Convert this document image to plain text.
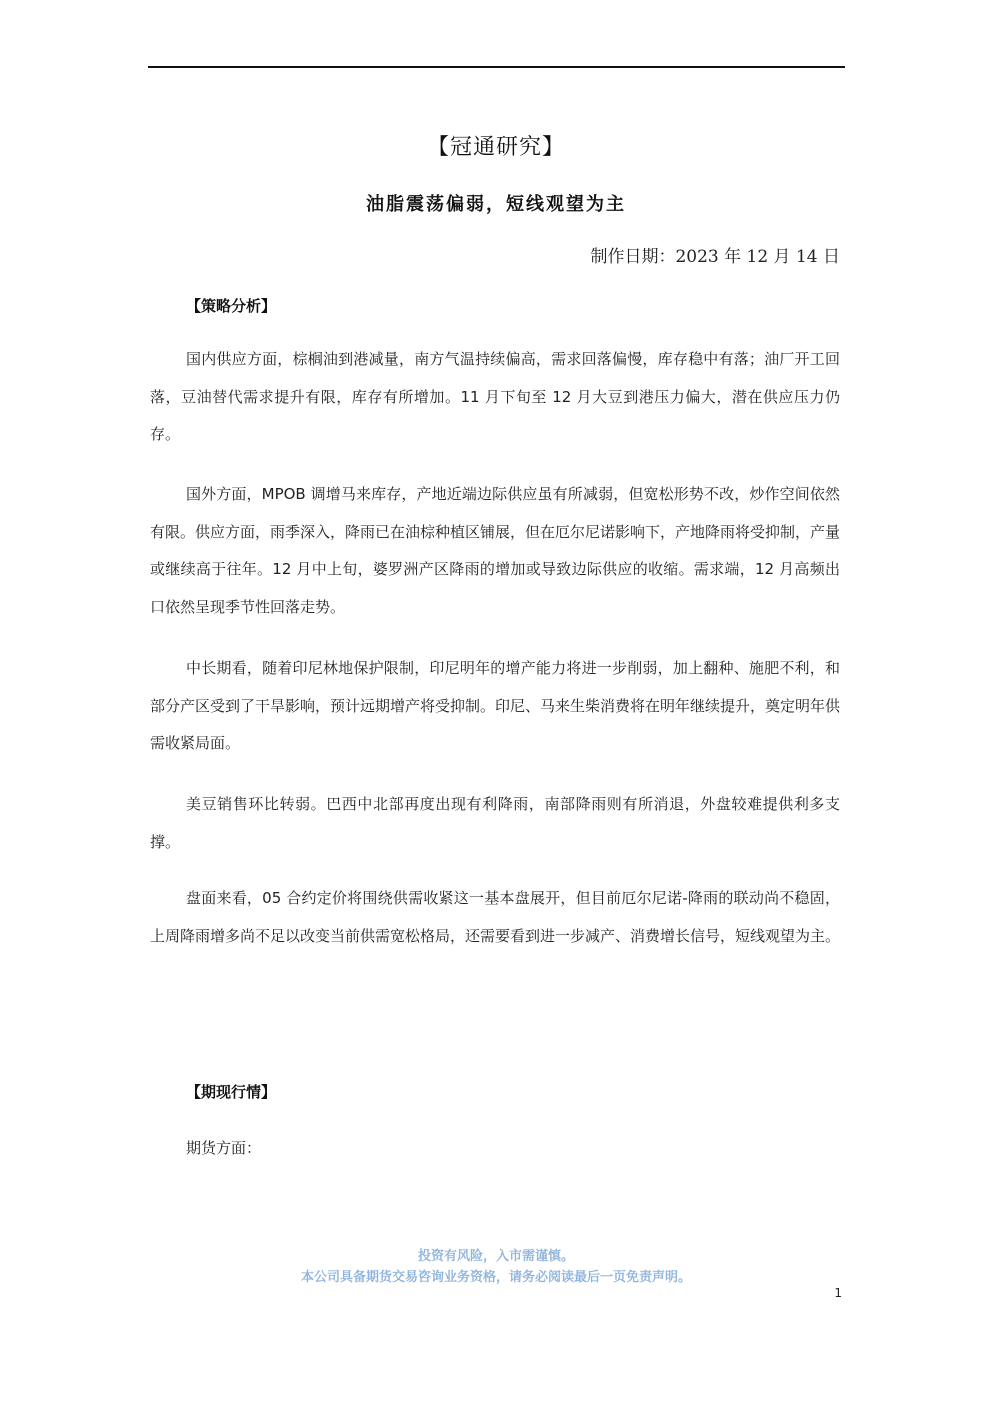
【冠通研究】
油脂震荡偏弱，短线观望为主
制作日期：2023 年 12 月 14 日
【策略分析】

国内供应方面，棕榈油到港减量，南方气温持续偏高，需求回落偏慢，库存稳中有落；油厂开工回落，豆油替代需求提升有限，库存有所增加。11 月下旬至 12 月大豆到港压力偏大，潜在供应压力仍存。

国外方面，MPOB 调增马来库存，产地近端边际供应虽有所减弱，但宽松形势不改，炒作空间依然有限。供应方面，雨季深入，降雨已在油棕种植区铺展，但在厄尔尼诺影响下，产地降雨将受抑制，产量或继续高于往年。12 月中上旬，婆罗洲产区降雨的增加或导致边际供应的收缩。需求端，12 月高频出口依然呈现季节性回落走势。

中长期看，随着印尼林地保护限制，印尼明年的增产能力将进一步削弱，加上翻种、施肥不利，和部分产区受到了干旱影响，预计远期增产将受抑制。印尼、马来生柴消费将在明年继续提升，奠定明年供需收紧局面。

美豆销售环比转弱。巴西中北部再度出现有利降雨，南部降雨则有所消退，外盘较难提供利多支撑。

盘面来看，05 合约定价将围绕供需收紧这一基本盘展开，但目前厄尔尼诺-降雨的联动尚不稳固，上周降雨增多尚不足以改变当前供需宽松格局，还需要看到进一步减产、消费增长信号，短线观望为主。

【期现行情】
期货方面：
投资有风险，入市需谨慎。
本公司具备期货交易咨询业务资格，请务必阅读最后一页免责声明。
1
